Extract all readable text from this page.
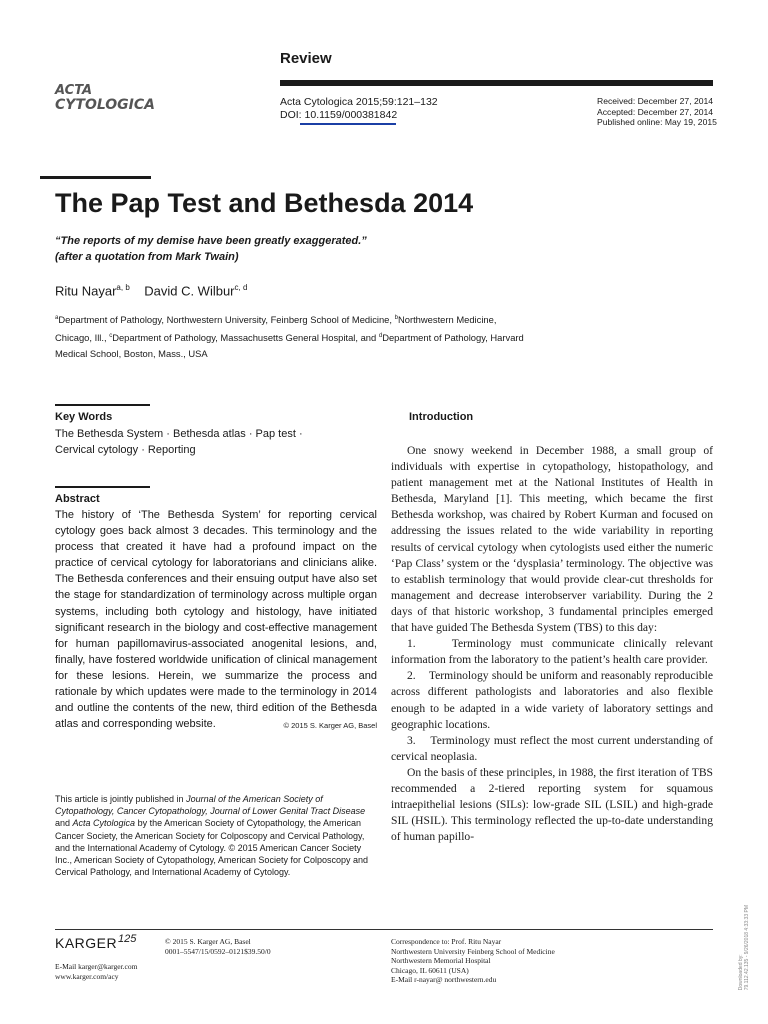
Review
ACTA
CYTOLOGICA	Acta Cytologica 2015;59:121–132
DOI: 10.1159/000381842
Received: December 27, 2014
Accepted: December 27, 2014
Published online: May 19, 2015
The Pap Test and Bethesda 2014
“The reports of my demise have been greatly exaggerated.”
(after a quotation from Mark Twain)
Ritu Nayar$^{a, b}$ David C. Wilbur$^{c, d}$
$^a$Department of Pathology, Northwestern University, Feinberg School of Medicine, $^b$Northwestern Medicine,
Chicago, Ill., $^c$Department of Pathology, Massachusetts General Hospital, and $^d$Department of Pathology, Harvard
Medical School, Boston, Mass., USA
Key Words
The Bethesda System · Bethesda atlas · Pap test ·
Cervical cytology · Reporting
Abstract
The history of ‘The Bethesda System’ for reporting cervical cytology goes back almost 3 decades. This terminology and the process that created it have had a profound impact on the practice of cervical cytology for laboratorians and clinicians alike. The Bethesda conferences and their ensuing output have also set the stage for standardization of terminology across multiple organ systems, including both cytology and histology, have initiated significant research in the biology and cost-effective management for human papillomavirus-associated anogenital lesions, and, finally, have fostered worldwide unification of clinical management for these lesions. Herein, we summarize the process and rationale by which updates were made to the terminology in 2014 and outline the contents of the new, third edition of the Bethesda atlas and corresponding website.	© 2015 S. Karger AG, Basel
This article is jointly published in Journal of the American Society of Cytopathology, Cancer Cytopathology, Journal of Lower Genital Tract Disease and Acta Cytologica by the American Society of Cytopathology, the American Cancer Society, the American Society for Colposcopy and Cervical Pathology, and the International Academy of Cytology. © 2015 American Cancer Society Inc., American Society of Cytopathology, American Society for Colposcopy and Cervical Pathology, and International Academy of Cytology.
Introduction

One snowy weekend in December 1988, a small group of individuals with expertise in cytopathology, histopathology, and patient management met at the National Institutes of Health in Bethesda, Maryland [1]. This meeting, which became the first Bethesda workshop, was chaired by Robert Kurman and focused on addressing the issues related to the wide variability in reporting results of cervical cytology when cytologists used either the numeric ‘Pap Class’ system or the ‘dysplasia’ terminology. The objective was to establish terminology that would provide clear-cut thresholds for management and decrease interobserver variability. During the 2 days of that historic workshop, 3 fundamental principles emerged that have guided The Bethesda System (TBS) to this day:

1.    Terminology must communicate clinically relevant information from the laboratory to the patient’s health care provider.

2.    Terminology should be uniform and reasonably reproducible across different pathologists and laboratories and also flexible enough to be adapted in a wide variety of laboratory settings and geographic locations.

3.    Terminology must reflect the most current understanding of cervical neoplasia.

On the basis of these principles, in 1988, the first iteration of TBS recommended a 2-tiered reporting system for squamous intraepithelial lesions (SILs): low-grade SIL (LSIL) and high-grade SIL (HSIL). This terminology reflected the up-to-date understanding of human papillo-

KARGER 125	© 2015 S. Karger AG, Basel
0001–5547/15/0592–0121$39.50/0
E-Mail karger@karger.com
www.karger.com/acy
Correspondence to: Prof. Ritu Nayar
Northwestern University Feinberg School of Medicine
Northwestern Memorial Hospital
Chicago, IL 60611 (USA)
E-Mail r-nayar@ northwestern.edu	Downloaded by: 79.112.42.135 - 9/26/2018 4:33:33 PM
